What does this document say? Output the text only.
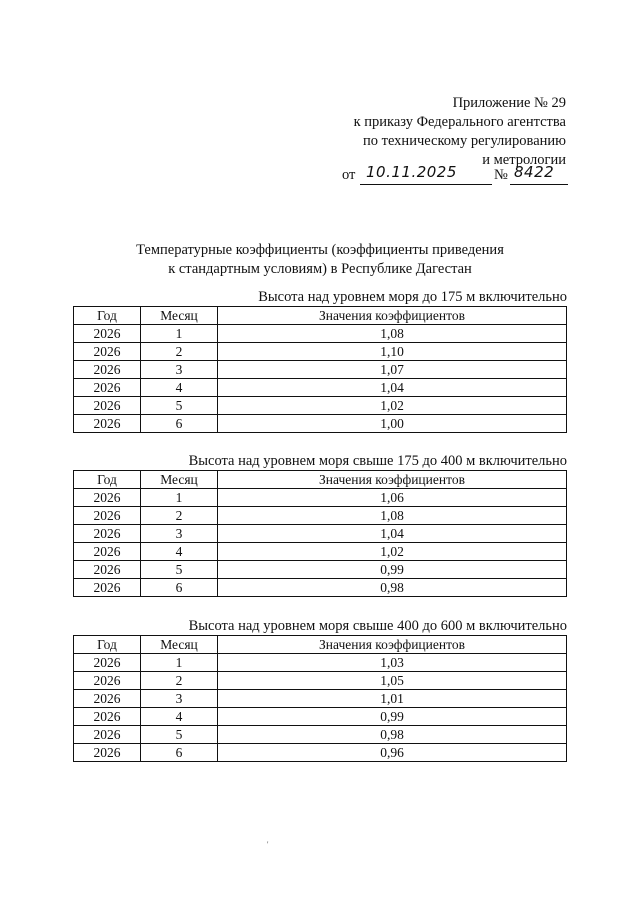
Приложение № 29
к приказу Федерального агентства
по техническому регулированию
и метрологии
от 10.11.2025	№ 8422
Температурные коэффициенты (коэффициенты приведения
к стандартным условиям) в Республике Дагестан
Высота над уровнем моря до 175 м включительно
Год	Месяц	Значения коэффициентов
2026	1	1,08
2026	2	1,10
2026	3	1,07
2026	4	1,04
2026	5	1,02
2026	6	1,00
Высота над уровнем моря свыше 175 до 400 м включительно
Год	Месяц	Значения коэффициентов
2026	1	1,06
2026	2	1,08
2026	3	1,04
2026	4	1,02
2026	5	0,99
2026	6	0,98
Высота над уровнем моря свыше 400 до 600 м включительно
Год	Месяц	Значения коэффициентов
2026	1	1,03
2026	2	1,05
2026	3	1,01
2026	4	0,99
2026	5	0,98
2026	6	0,96
'
